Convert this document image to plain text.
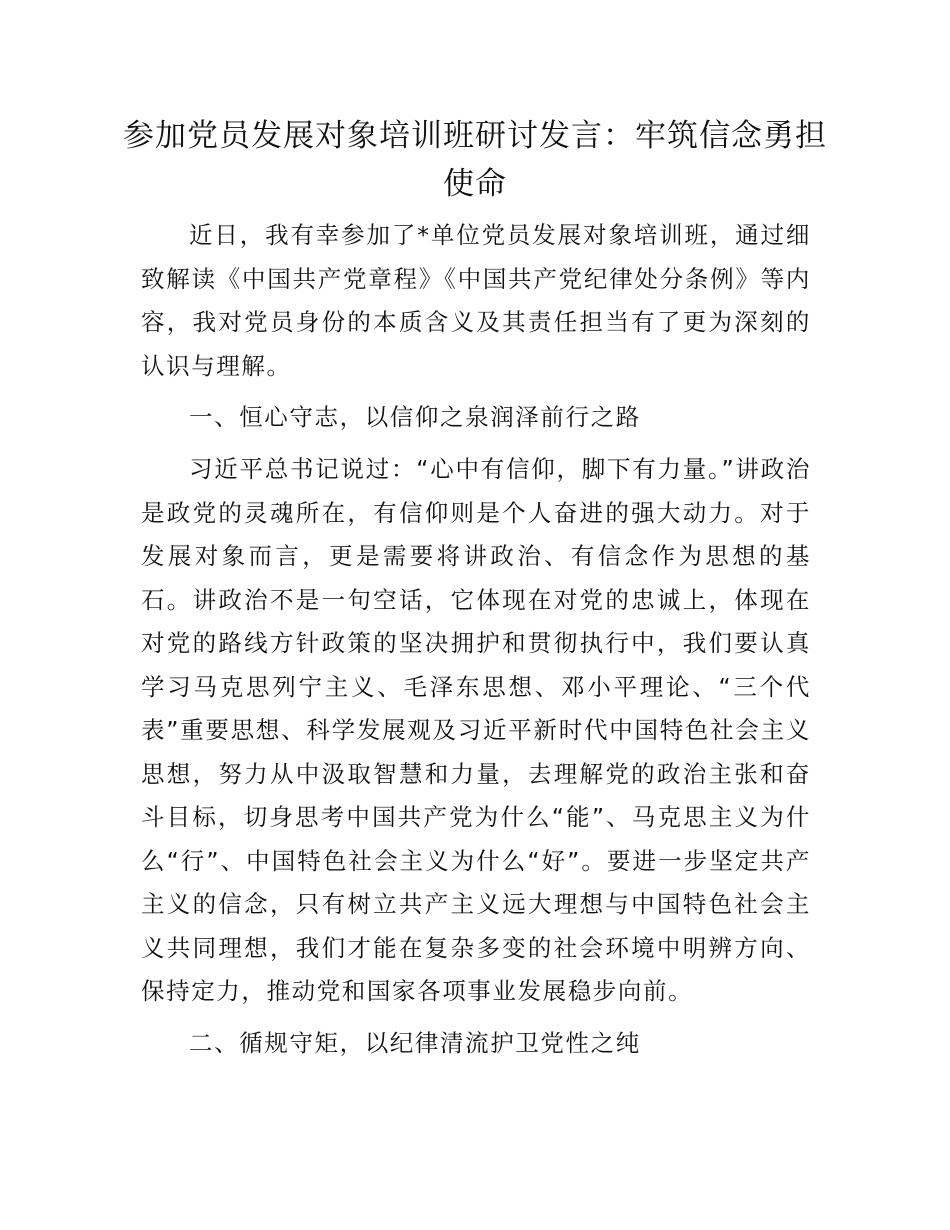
参加党员发展对象培训班研讨发言：牢筑信念勇担使命

近日，我有幸参加了*单位党员发展对象培训班，通过细致解读《中国共产党章程》《中国共产党纪律处分条例》等内容，我对党员身份的本质含义及其责任担当有了更为深刻的认识与理解。

一、恒心守志，以信仰之泉润泽前行之路

习近平总书记说过：“心中有信仰，脚下有力量。”讲政治是政党的灵魂所在，有信仰则是个人奋进的强大动力。对于发展对象而言，更是需要将讲政治、有信念作为思想的基石。讲政治不是一句空话，它体现在对党的忠诚上，体现在对党的路线方针政策的坚决拥护和贯彻执行中，我们要认真学习马克思列宁主义、毛泽东思想、邓小平理论、“三个代表”重要思想、科学发展观及习近平新时代中国特色社会主义思想，努力从中汲取智慧和力量，去理解党的政治主张和奋斗目标，切身思考中国共产党为什么“能”、马克思主义为什么“行”、中国特色社会主义为什么“好”。要进一步坚定共产主义的信念，只有树立共产主义远大理想与中国特色社会主义共同理想，我们才能在复杂多变的社会环境中明辨方向、保持定力，推动党和国家各项事业发展稳步向前。

二、循规守矩，以纪律清流护卫党性之纯
